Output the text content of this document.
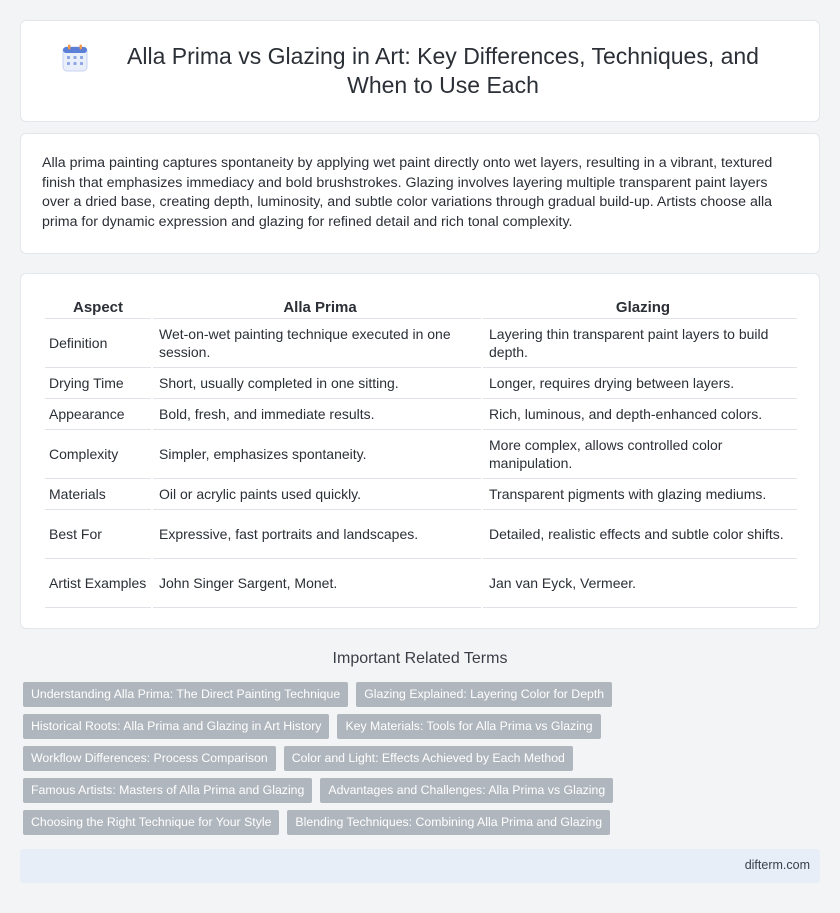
Alla Prima vs Glazing in Art: Key Differences, Techniques, and When to Use Each

Alla prima painting captures spontaneity by applying wet paint directly onto wet layers, resulting in a vibrant, textured finish that emphasizes immediacy and bold brushstrokes. Glazing involves layering multiple transparent paint layers over a dried base, creating depth, luminosity, and subtle color variations through gradual build-up. Artists choose alla prima for dynamic expression and glazing for refined detail and rich tonal complexity.

Aspect	Alla Prima	Glazing
Definition	Wet-on-wet painting technique executed in one session.	Layering thin transparent paint layers to build depth.
Drying Time	Short, usually completed in one sitting.	Longer, requires drying between layers.
Appearance	Bold, fresh, and immediate results.	Rich, luminous, and depth-enhanced colors.
Complexity	Simpler, emphasizes spontaneity.	More complex, allows controlled color manipulation.
Materials	Oil or acrylic paints used quickly.	Transparent pigments with glazing mediums.
Best For	Expressive, fast portraits and landscapes.	Detailed, realistic effects and subtle color shifts.
Artist Examples	John Singer Sargent, Monet.	Jan van Eyck, Vermeer.
Important Related Terms
Understanding Alla Prima: The Direct Painting Technique	Glazing Explained: Layering Color for Depth
Historical Roots: Alla Prima and Glazing in Art History	Key Materials: Tools for Alla Prima vs Glazing
Workflow Differences: Process Comparison	Color and Light: Effects Achieved by Each Method
Famous Artists: Masters of Alla Prima and Glazing	Advantages and Challenges: Alla Prima vs Glazing
Choosing the Right Technique for Your Style	Blending Techniques: Combining Alla Prima and Glazing
difterm.com
